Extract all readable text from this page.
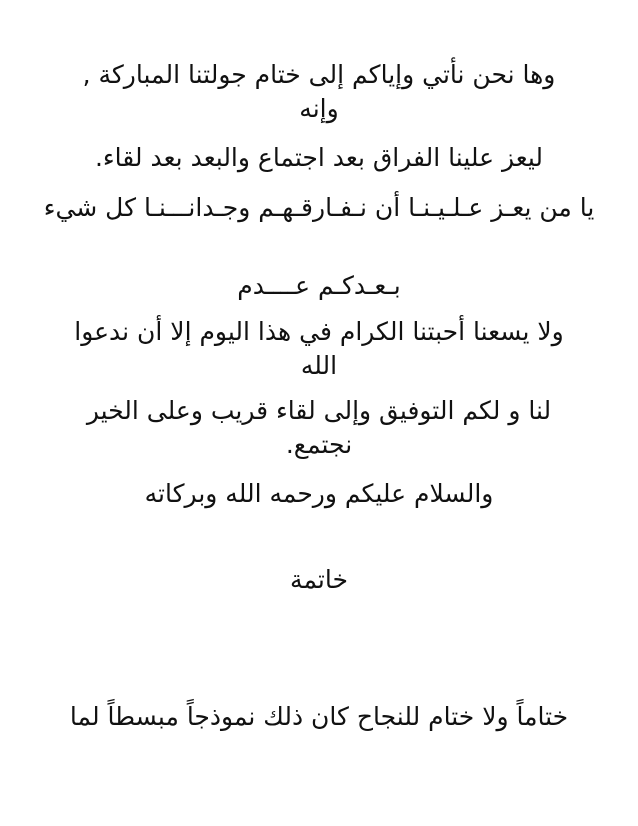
وها نحن نأتي وإياكم إلى ختام جولتنا المباركة , وإنه

ليعز علينا الفراق بعد اجتماع والبعد بعد لقاء.

يا من يعـز عـلـيـنـا أن نـفـارقـهـم وجـدانـــنـا كل شيء

بـعـدكـم عــــدم

ولا يسعنا أحبتنا الكرام في هذا اليوم إلا أن ندعوا الله

لنا و لكم التوفيق وإلى لقاء قريب وعلى الخير نجتمع.

والسلام عليكم ورحمه الله وبركاته

خاتمة

ختاماً ولا ختام للنجاح كان ذلك نموذجاً مبسطاً لما
